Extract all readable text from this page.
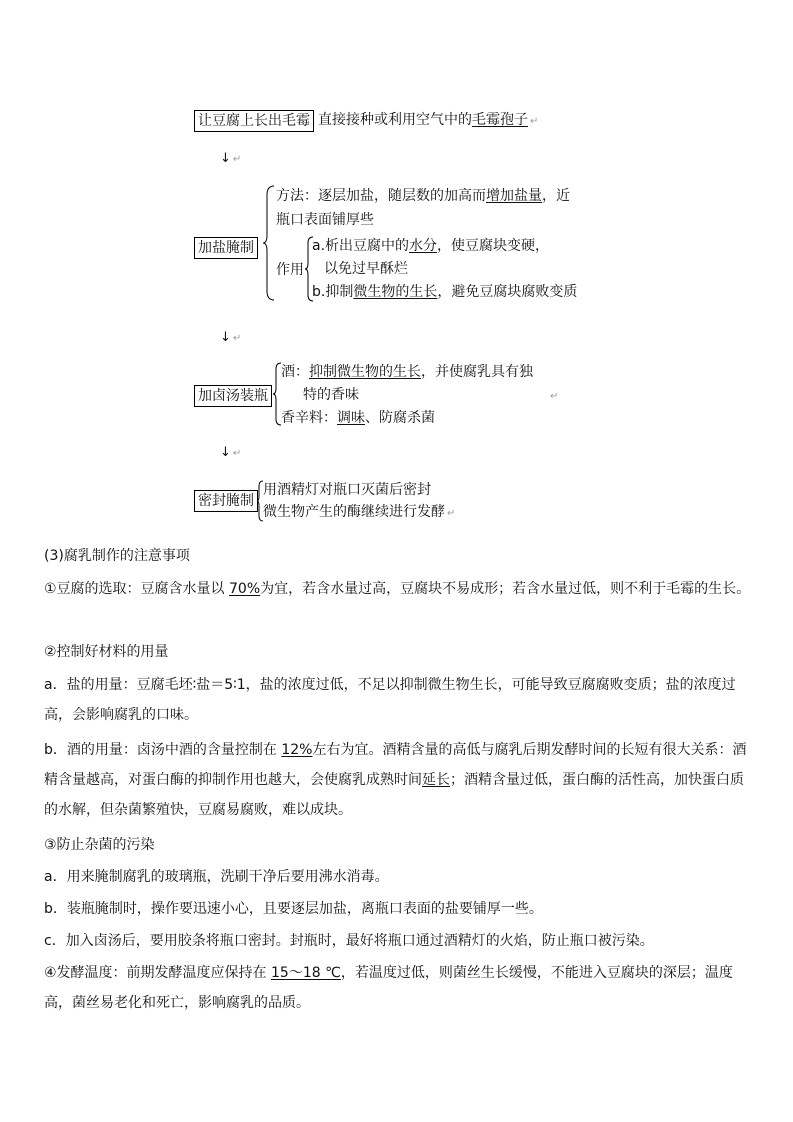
让豆腐上长出毛霉 直接接种或利用空气中的毛霉孢子 ↵
↓ ↵
加盐腌制
方法：逐层加盐，随层数的加高而增加盐量，近
瓶口表面铺厚些
作用
a.析出豆腐中的水分，使豆腐块变硬，
以免过早酥烂
b.抑制微生物的生长，避免豆腐块腐败变质
↓ ↵
加卤汤装瓶
酒：抑制微生物的生长，并使腐乳具有独
特的香味	↵
香辛料：调味、防腐杀菌
↓ ↵
密封腌制
用酒精灯对瓶口灭菌后密封
微生物产生的酶继续进行发酵 ↵
(3)腐乳制作的注意事项
①豆腐的选取：豆腐含水量以 70%为宜，若含水量过高，豆腐块不易成形；若含水量过低，则不利于毛霉的生长。
②控制好材料的用量
a．盐的用量：豆腐毛坯∶盐＝5∶1，盐的浓度过低，不足以抑制微生物生长，可能导致豆腐腐败变质；盐的浓度过高，会影响腐乳的口味。
b．酒的用量：卤汤中酒的含量控制在 12%左右为宜。酒精含量的高低与腐乳后期发酵时间的长短有很大关系：酒精含量越高，对蛋白酶的抑制作用也越大，会使腐乳成熟时间延长；酒精含量过低，蛋白酶的活性高，加快蛋白质的水解，但杂菌繁殖快，豆腐易腐败，难以成块。
③防止杂菌的污染
a．用来腌制腐乳的玻璃瓶，洗刷干净后要用沸水消毒。
b．装瓶腌制时，操作要迅速小心，且要逐层加盐，离瓶口表面的盐要铺厚一些。
c．加入卤汤后，要用胶条将瓶口密封。封瓶时，最好将瓶口通过酒精灯的火焰，防止瓶口被污染。
④发酵温度：前期发酵温度应保持在 15～18 ℃，若温度过低，则菌丝生长缓慢，不能进入豆腐块的深层；温度高，菌丝易老化和死亡，影响腐乳的品质。
